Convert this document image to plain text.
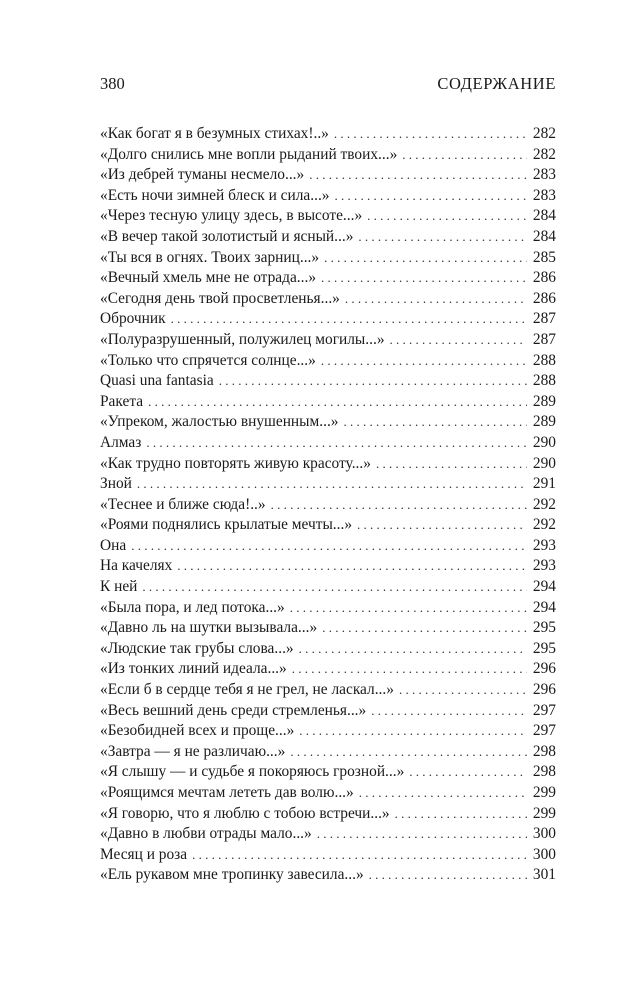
380	СОДЕРЖАНИЕ
«Как богат я в безумных стихах!..» . . .	282
«Долго снились мне вопли рыданий твоих...» . . .	282
«Из дебрей туманы несмело...» . . .	283
«Есть ночи зимней блеск и сила...» . . .	283
«Через тесную улицу здесь, в высоте...» . . .	284
«В вечер такой золотистый и ясный...» . . .	284
«Ты вся в огнях. Твоих зарниц...» . . .	285
«Вечный хмель мне не отрада...» . . .	286
«Сегодня день твой просветленья...» . . .	286
Оброчник . . .	287
«Полуразрушенный, полужилец могилы...» . . .	287
«Только что спрячется солнце...» . . .	288
Quasi una fantasia . . .	288
Ракета . . .	289
«Упреком, жалостью внушенным...» . . .	289
Алмаз . . .	290
«Как трудно повторять живую красоту...» . . .	290
Зной . . .	291
«Теснее и ближе сюда!..» . . .	292
«Роями поднялись крылатые мечты...» . . .	292
Она . . .	293
На качелях . . .	293
К ней . . .	294
«Была пора, и лед потока...» . . .	294
«Давно ль на шутки вызывала...» . . .	295
«Людские так грубы слова...» . . .	295
«Из тонких линий идеала...» . . .	296
«Если б в сердце тебя я не грел, не ласкал...» . . .	296
«Весь вешний день среди стремленья...» . . .	297
«Безобидней всех и проще...» . . .	297
«Завтра — я не различаю...» . . .	298
«Я слышу — и судьбе я покоряюсь грозной...» . . .	298
«Роящимся мечтам лететь дав волю...» . . .	299
«Я говорю, что я люблю с тобою встречи...» . . .	299
«Давно в любви отрады мало...» . . .	300
Месяц и роза . . .	300
«Ель рукавом мне тропинку завесила...» . . .	301
